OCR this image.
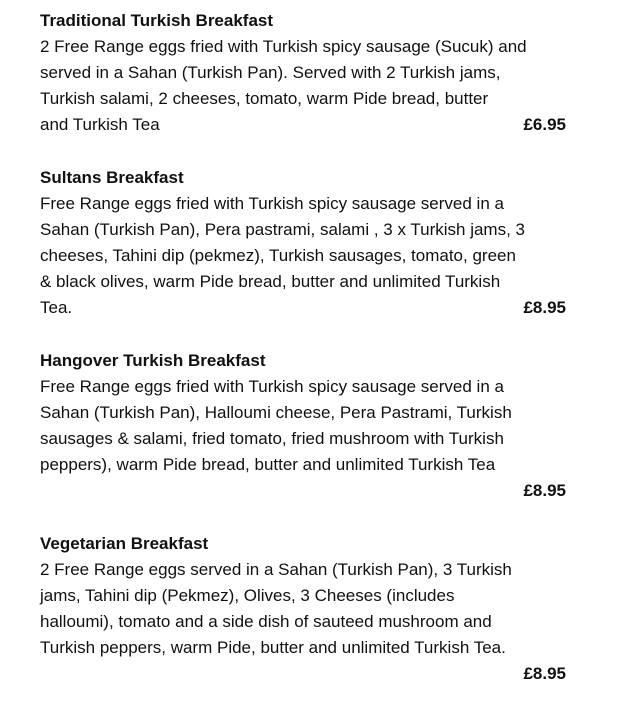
Traditional Turkish Breakfast
2 Free Range eggs fried with Turkish spicy sausage (Sucuk) and
served in a Sahan (Turkish Pan). Served with 2 Turkish jams,
Turkish salami, 2 cheeses, tomato, warm Pide bread, butter
and Turkish Tea	£6.95
Sultans Breakfast
Free Range eggs fried with Turkish spicy sausage served in a
Sahan (Turkish Pan), Pera pastrami, salami , 3 x Turkish jams, 3
cheeses, Tahini dip (pekmez), Turkish sausages, tomato, green
& black olives, warm Pide bread, butter and unlimited Turkish
Tea.	£8.95
Hangover Turkish Breakfast
Free Range eggs fried with Turkish spicy sausage served in a
Sahan (Turkish Pan), Halloumi cheese, Pera Pastrami, Turkish
sausages & salami, fried tomato, fried mushroom with Turkish
peppers), warm Pide bread, butter and unlimited Turkish Tea
£8.95
Vegetarian Breakfast
2 Free Range eggs served in a Sahan (Turkish Pan), 3 Turkish
jams, Tahini dip (Pekmez), Olives, 3 Cheeses (includes
halloumi), tomato and a side dish of sauteed mushroom and
Turkish peppers, warm Pide, butter and unlimited Turkish Tea.
£8.95
